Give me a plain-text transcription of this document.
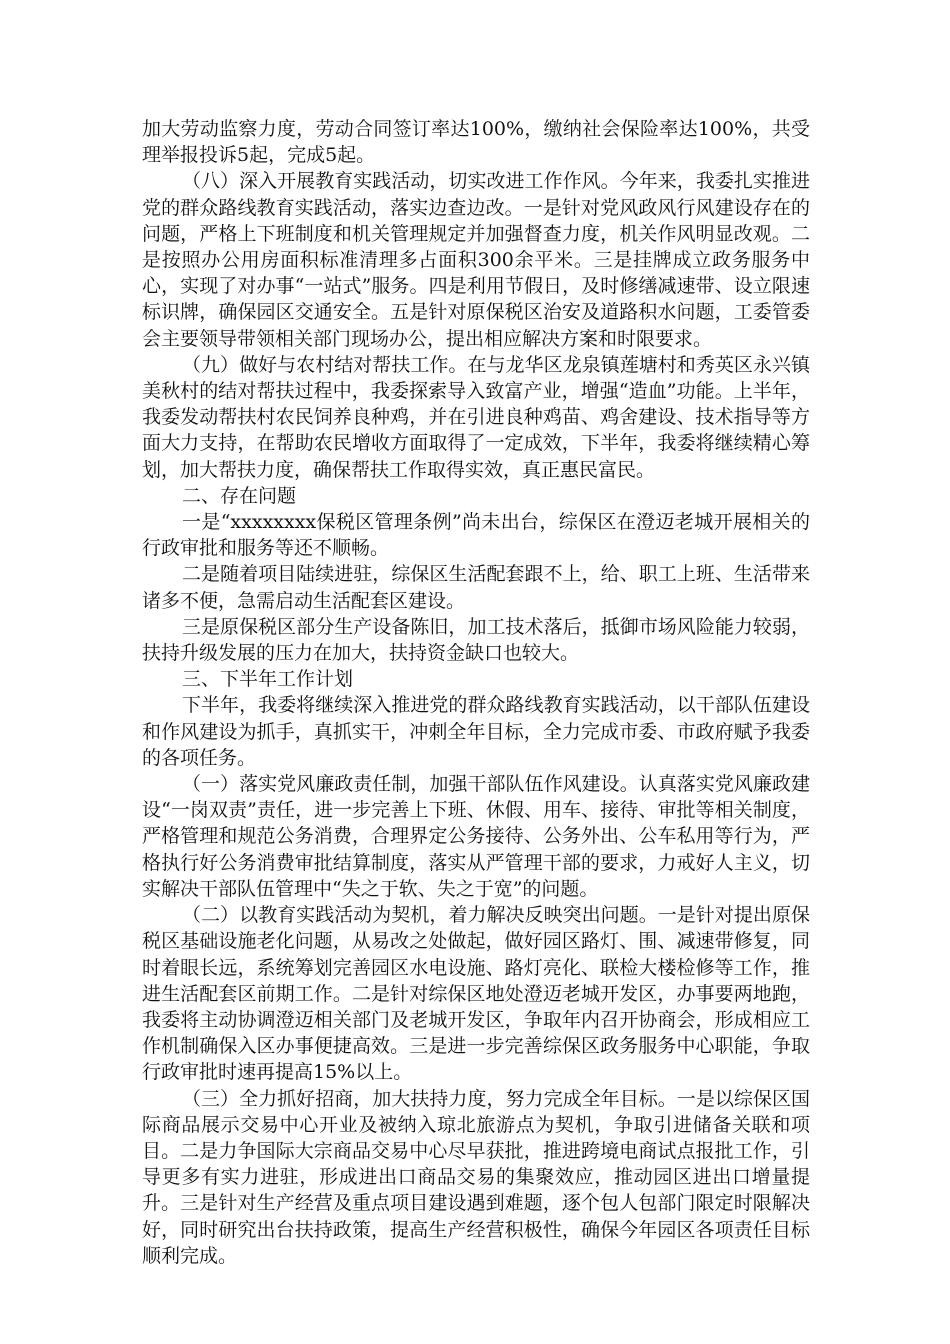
加大劳动监察力度，劳动合同签订率达100%，缴纳社会保险率达100%，共受理举报投诉5起，完成5起。

（八）深入开展教育实践活动，切实改进工作作风。今年来，我委扎实推进党的群众路线教育实践活动，落实边查边改。一是针对党风政风行风建设存在的问题，严格上下班制度和机关管理规定并加强督查力度，机关作风明显改观。二是按照办公用房面积标准清理多占面积300余平米。三是挂牌成立政务服务中心，实现了对办事“一站式”服务。四是利用节假日，及时修缮减速带、设立限速标识牌，确保园区交通安全。五是针对原保税区治安及道路积水问题，工委管委会主要领导带领相关部门现场办公，提出相应解决方案和时限要求。

（九）做好与农村结对帮扶工作。在与龙华区龙泉镇莲塘村和秀英区永兴镇美秋村的结对帮扶过程中，我委探索导入致富产业，增强“造血”功能。上半年，我委发动帮扶村农民饲养良种鸡，并在引进良种鸡苗、鸡舍建设、技术指导等方面大力支持，在帮助农民增收方面取得了一定成效，下半年，我委将继续精心筹划，加大帮扶力度，确保帮扶工作取得实效，真正惠民富民。

二、存在问题

一是“xxxxxxxx保税区管理条例”尚未出台，综保区在澄迈老城开展相关的行政审批和服务等还不顺畅。

二是随着项目陆续进驻，综保区生活配套跟不上，给、职工上班、生活带来诸多不便，急需启动生活配套区建设。

三是原保税区部分生产设备陈旧，加工技术落后，抵御市场风险能力较弱，扶持升级发展的压力在加大，扶持资金缺口也较大。

三、下半年工作计划

下半年，我委将继续深入推进党的群众路线教育实践活动，以干部队伍建设和作风建设为抓手，真抓实干，冲刺全年目标，全力完成市委、市政府赋予我委的各项任务。

（一）落实党风廉政责任制，加强干部队伍作风建设。认真落实党风廉政建设“一岗双责”责任，进一步完善上下班、休假、用车、接待、审批等相关制度，严格管理和规范公务消费，合理界定公务接待、公务外出、公车私用等行为，严格执行好公务消费审批结算制度，落实从严管理干部的要求，力戒好人主义，切实解决干部队伍管理中“失之于软、失之于宽”的问题。

（二）以教育实践活动为契机，着力解决反映突出问题。一是针对提出原保税区基础设施老化问题，从易改之处做起，做好园区路灯、围、减速带修复，同时着眼长远，系统筹划完善园区水电设施、路灯亮化、联检大楼检修等工作，推进生活配套区前期工作。二是针对综保区地处澄迈老城开发区，办事要两地跑，我委将主动协调澄迈相关部门及老城开发区，争取年内召开协商会，形成相应工作机制确保入区办事便捷高效。三是进一步完善综保区政务服务中心职能，争取行政审批时速再提高15%以上。

（三）全力抓好招商，加大扶持力度，努力完成全年目标。一是以综保区国际商品展示交易中心开业及被纳入琼北旅游点为契机，争取引进储备关联和项目。二是力争国际大宗商品交易中心尽早获批，推进跨境电商试点报批工作，引导更多有实力进驻，形成进出口商品交易的集聚效应，推动园区进出口增量提升。三是针对生产经营及重点项目建设遇到难题，逐个包人包部门限定时限解决好，同时研究出台扶持政策，提高生产经营积极性，确保今年园区各项责任目标顺利完成。
